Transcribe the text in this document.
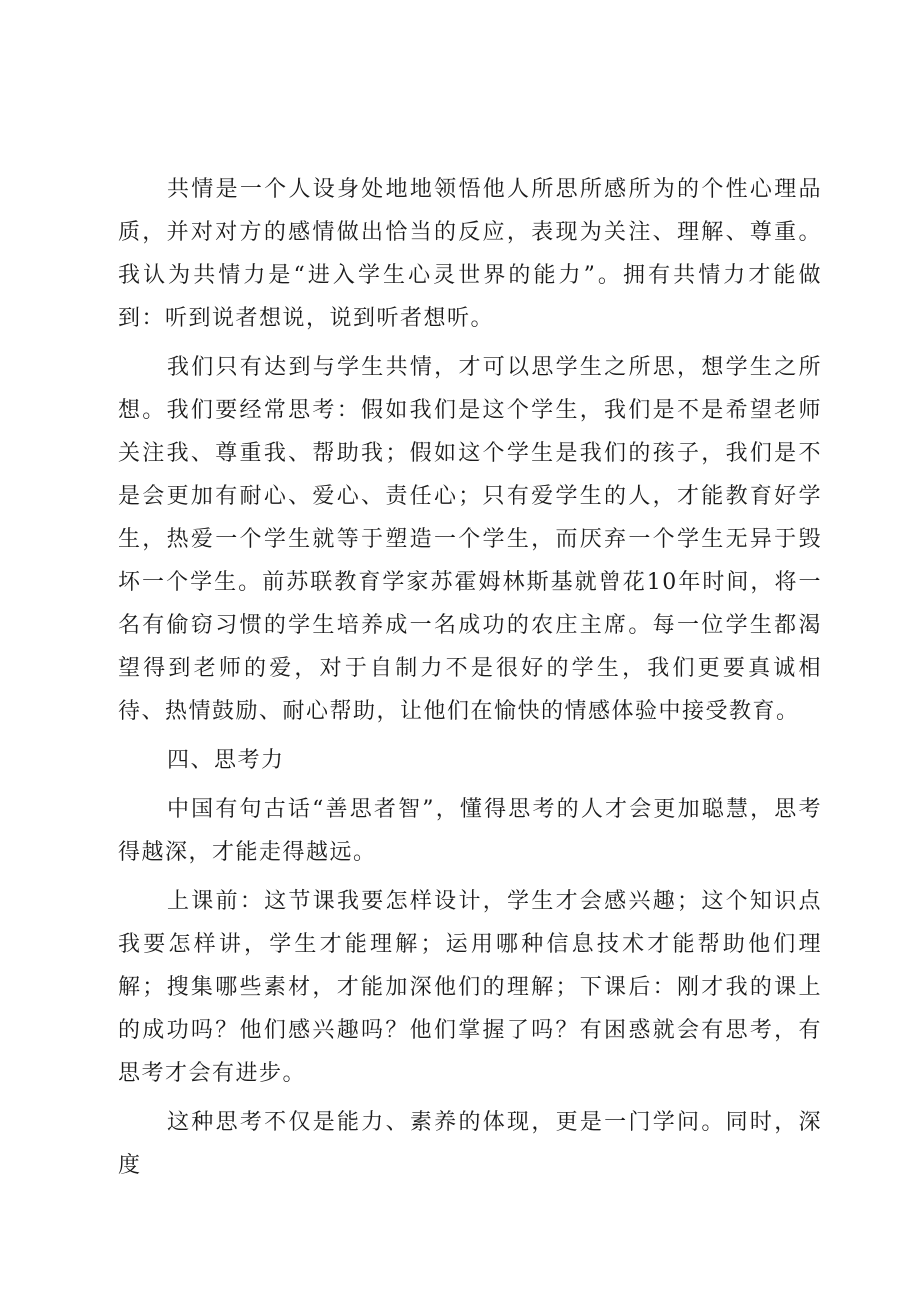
共情是一个人设身处地地领悟他人所思所感所为的个性心理品质，并对对方的感情做出恰当的反应，表现为关注、理解、尊重。我认为共情力是“进入学生心灵世界的能力”。拥有共情力才能做到：听到说者想说，说到听者想听。

我们只有达到与学生共情，才可以思学生之所思，想学生之所想。我们要经常思考：假如我们是这个学生，我们是不是希望老师关注我、尊重我、帮助我；假如这个学生是我们的孩子，我们是不是会更加有耐心、爱心、责任心；只有爱学生的人，才能教育好学生，热爱一个学生就等于塑造一个学生，而厌弃一个学生无异于毁坏一个学生。前苏联教育学家苏霍姆林斯基就曾花10年时间，将一名有偷窃习惯的学生培养成一名成功的农庄主席。每一位学生都渴望得到老师的爱，对于自制力不是很好的学生，我们更要真诚相待、热情鼓励、耐心帮助，让他们在愉快的情感体验中接受教育。

四、思考力

中国有句古话“善思者智”，懂得思考的人才会更加聪慧，思考得越深，才能走得越远。

上课前：这节课我要怎样设计，学生才会感兴趣；这个知识点我要怎样讲，学生才能理解；运用哪种信息技术才能帮助他们理解；搜集哪些素材，才能加深他们的理解；下课后：刚才我的课上的成功吗？他们感兴趣吗？他们掌握了吗？有困惑就会有思考，有思考才会有进步。

这种思考不仅是能力、素养的体现，更是一门学问。同时，深度
